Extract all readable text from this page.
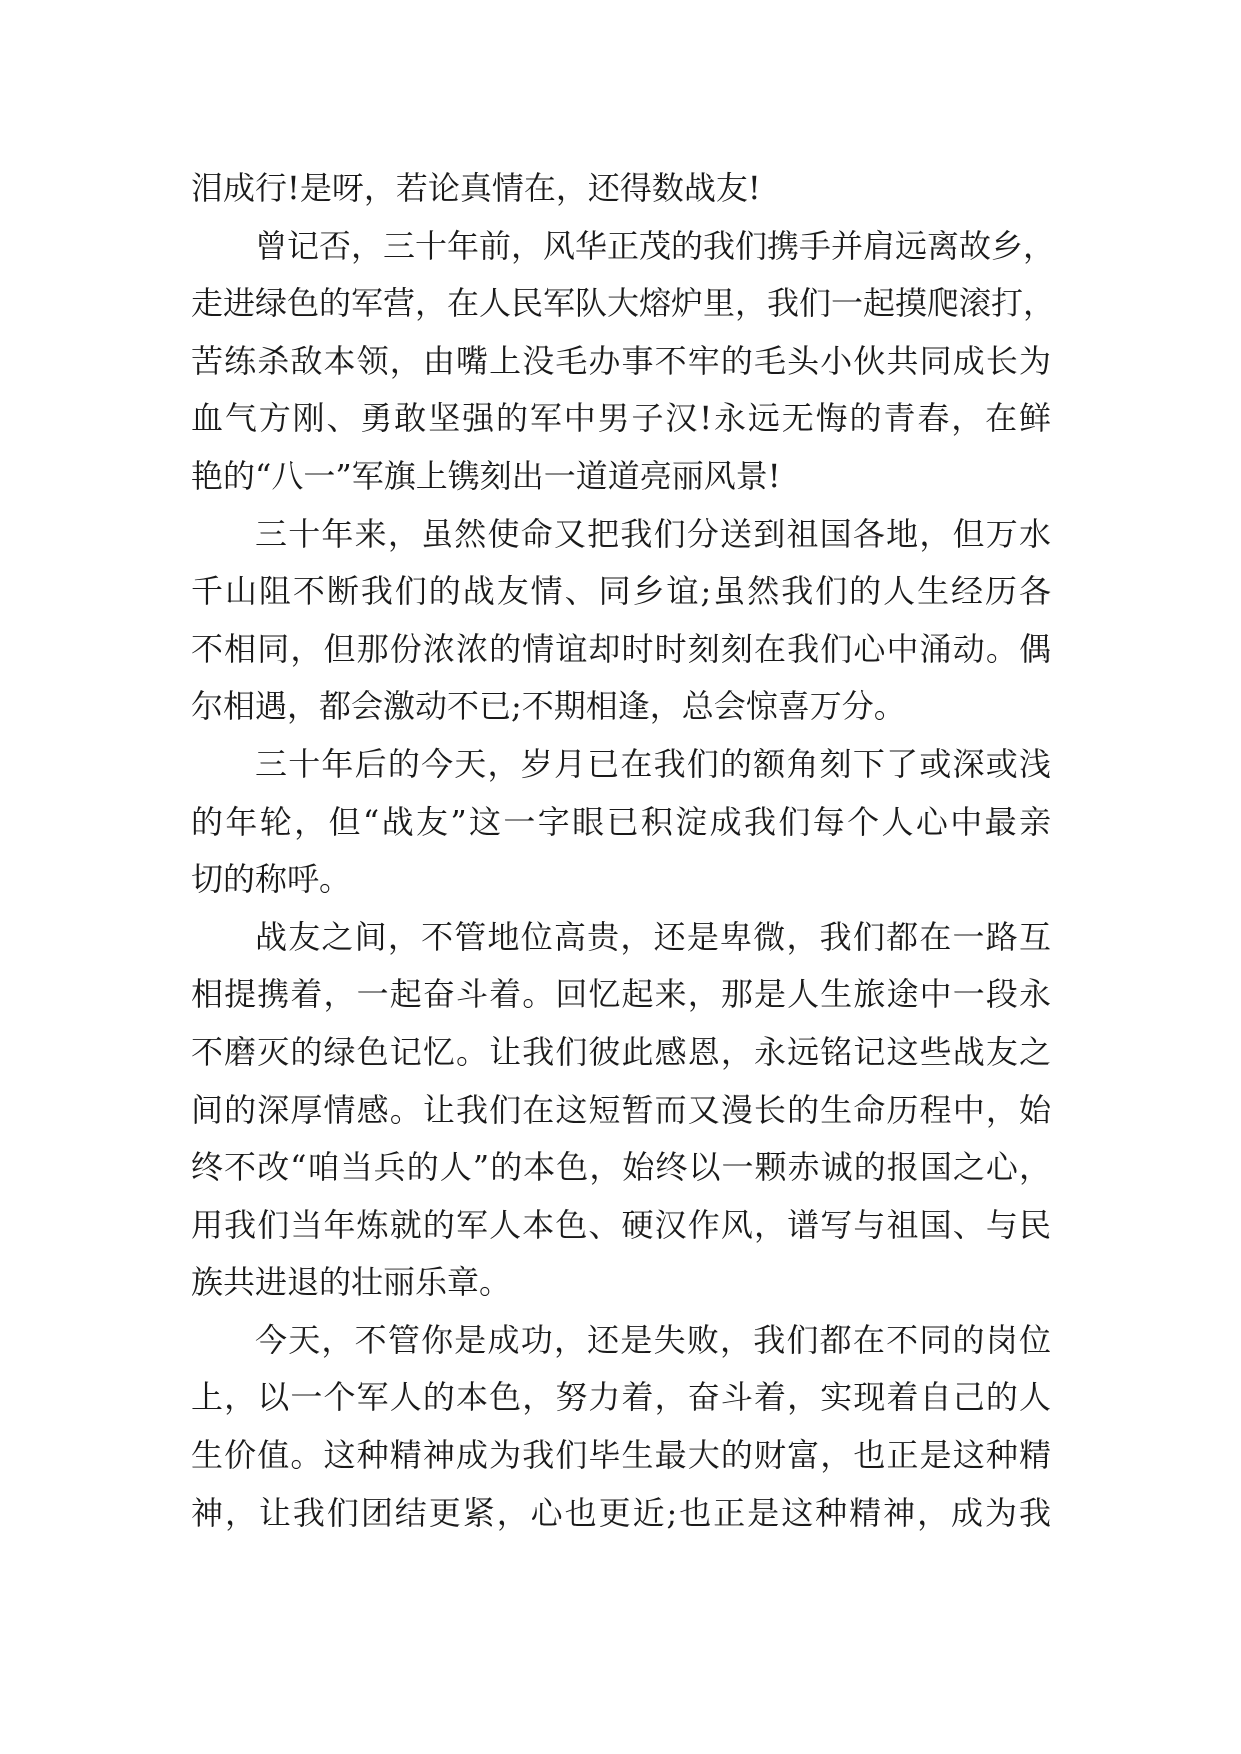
泪成行!是呀，若论真情在，还得数战友!
曾记否，三十年前，风华正茂的我们携手并肩远离故乡，
走进绿色的军营，在人民军队大熔炉里，我们一起摸爬滚打，
苦练杀敌本领，由嘴上没毛办事不牢的毛头小伙共同成长为
血气方刚、勇敢坚强的军中男子汉!永远无悔的青春，在鲜
艳的“八一”军旗上镌刻出一道道亮丽风景!
三十年来，虽然使命又把我们分送到祖国各地，但万水
千山阻不断我们的战友情、同乡谊;虽然我们的人生经历各
不相同，但那份浓浓的情谊却时时刻刻在我们心中涌动。偶
尔相遇，都会激动不已;不期相逢，总会惊喜万分。
三十年后的今天，岁月已在我们的额角刻下了或深或浅
的年轮，但“战友”这一字眼已积淀成我们每个人心中最亲
切的称呼。
战友之间，不管地位高贵，还是卑微，我们都在一路互
相提携着，一起奋斗着。回忆起来，那是人生旅途中一段永
不磨灭的绿色记忆。让我们彼此感恩，永远铭记这些战友之
间的深厚情感。让我们在这短暂而又漫长的生命历程中，始
终不改“咱当兵的人”的本色，始终以一颗赤诚的报国之心，
用我们当年炼就的军人本色、硬汉作风，谱写与祖国、与民
族共进退的壮丽乐章。
今天，不管你是成功，还是失败，我们都在不同的岗位
上，以一个军人的本色，努力着，奋斗着，实现着自己的人
生价值。这种精神成为我们毕生最大的财富，也正是这种精
神，让我们团结更紧，心也更近;也正是这种精神，成为我
